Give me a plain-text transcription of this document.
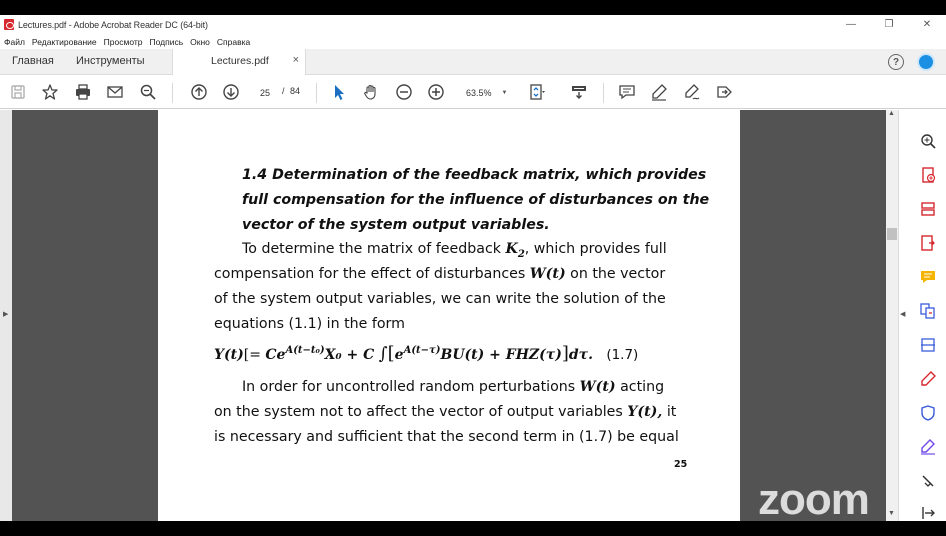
Lectures.pdf - Adobe Acrobat Reader DC (64-bit)	—	❐	✕
Файл Редактирование Просмотр Подпись Окно Справка
Главная Инструменты	Lectures.pdf ×	?
25	/ 84	63.5% ▼
▶
1.4 Determination of the feedback matrix, which provides
full compensation for the influence of disturbances on the
vector of the system output variables.
To determine the matrix of feedback $K_2$, which provides full
compensation for the effect of disturbances W(t) on the vector
of the system output variables, we can write the solution of the
equations (1.1) in the form
$Y(t)[= Ce^{A(t-t_0)}X_0 + C$ $\int[e^{A(t-\tau)}BU(t) + FHZ(\tau)]d\tau$. (1.7)
In order for uncontrolled random perturbations W(t) acting
on the system not to affect the vector of output variables Y(t), it
is necessary and sufficient that the second term in (1.7) be equal
25
▲
▼
zoom
◀
